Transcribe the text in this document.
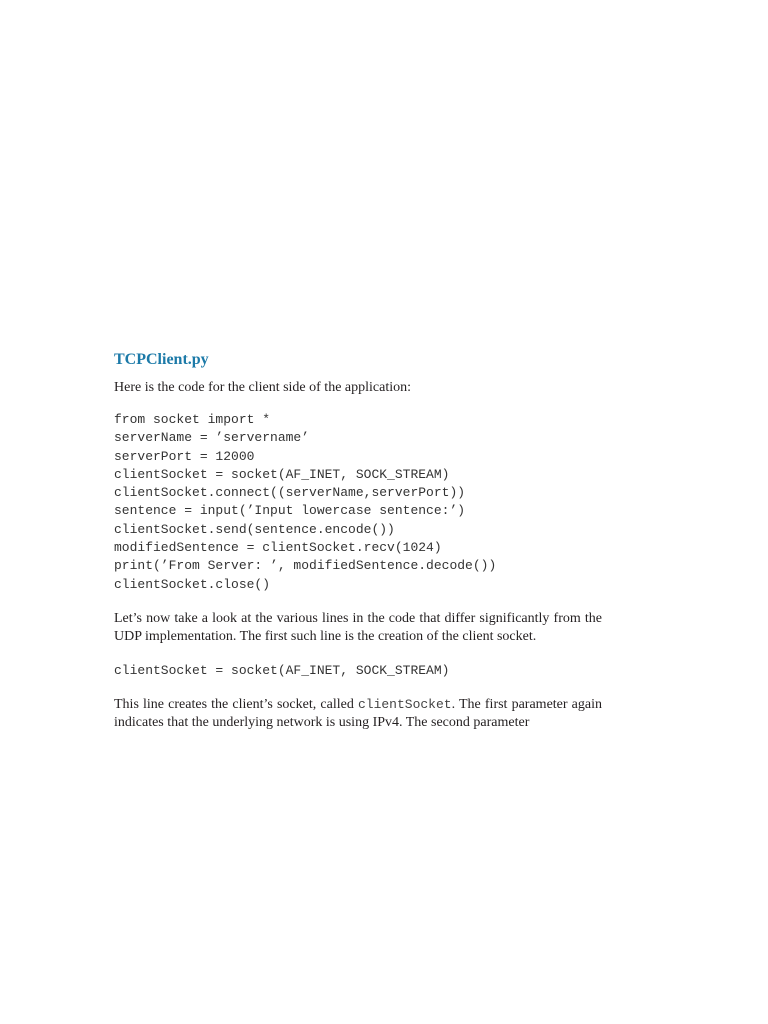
TCPClient.py

Here is the code for the client side of the application:

from socket import *
serverName = ’servername’
serverPort = 12000
clientSocket = socket(AF_INET, SOCK_STREAM)
clientSocket.connect((serverName,serverPort))
sentence = input(’Input lowercase sentence:’)
clientSocket.send(sentence.encode())
modifiedSentence = clientSocket.recv(1024)
print(’From Server: ’, modifiedSentence.decode())
clientSocket.close()

Let’s now take a look at the various lines in the code that differ significantly from the UDP implementation. The first such line is the creation of the client socket.

clientSocket = socket(AF_INET, SOCK_STREAM)

This line creates the client’s socket, called clientSocket. The first parameter again indicates that the underlying network is using IPv4. The second parameter
